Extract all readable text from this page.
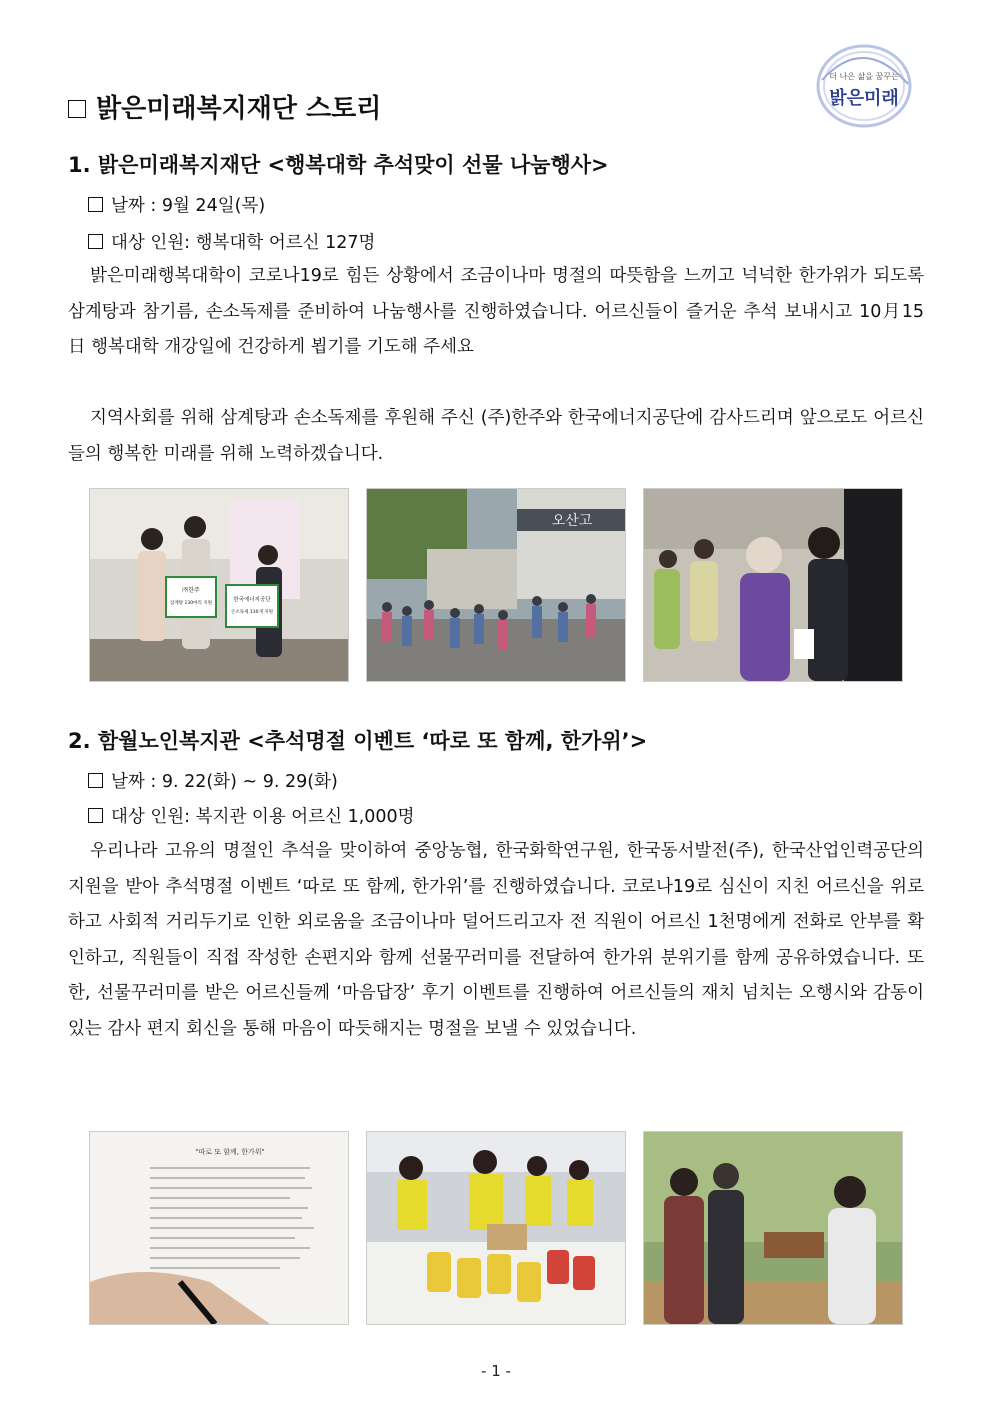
더 나은 삶을 꿈꾸는
밝은미래
밝은미래복지재단 스토리
1. 밝은미래복지재단 <행복대학 추석맞이 선물 나눔행사>
날짜 : 9월 24일(목)
대상 인원: 행복대학 어르신 127명

밝은미래행복대학이 코로나19로 힘든 상황에서 조금이나마 명절의 따뜻함을 느끼고 넉넉한 한가위가 되도록 삼계탕과 참기름, 손소독제를 준비하여 나눔행사를 진행하였습니다. 어르신들이 즐거운 추석 보내시고 10月15日 행복대학 개강일에 건강하게 뵙기를 기도해 주세요

지역사회를 위해 삼계탕과 손소독제를 후원해 주신 (주)한주와 한국에너지공단에 감사드리며 앞으로도 어르신들의 행복한 미래를 위해 노력하겠습니다.

㈜한주
삼계탕 130마리 지원
한국에너지공단
손소독제 130개 지원
오산고
2. 함월노인복지관 <추석명절 이벤트 ‘따로 또 함께, 한가위’>
날짜 : 9. 22(화) ~ 9. 29(화)
대상 인원: 복지관 이용 어르신 1,000명

우리나라 고유의 명절인 추석을 맞이하여 중앙농협, 한국화학연구원, 한국동서발전(주), 한국산업인력공단의 지원을 받아 추석명절 이벤트 ‘따로 또 함께, 한가위’를 진행하였습니다. 코로나19로 심신이 지친 어르신을 위로하고 사회적 거리두기로 인한 외로움을 조금이나마 덜어드리고자 전 직원이 어르신 1천명에게 전화로 안부를 확인하고, 직원들이 직접 작성한 손편지와 함께 선물꾸러미를 전달하여 한가위 분위기를 함께 공유하였습니다. 또한, 선물꾸러미를 받은 어르신들께 ‘마음답장’ 후기 이벤트를 진행하여 어르신들의 재치 넘치는 오행시와 감동이 있는 감사 편지 회신을 통해 마음이 따듯해지는 명절을 보낼 수 있었습니다.

"따로 또 함께, 한가위"
- 1 -
